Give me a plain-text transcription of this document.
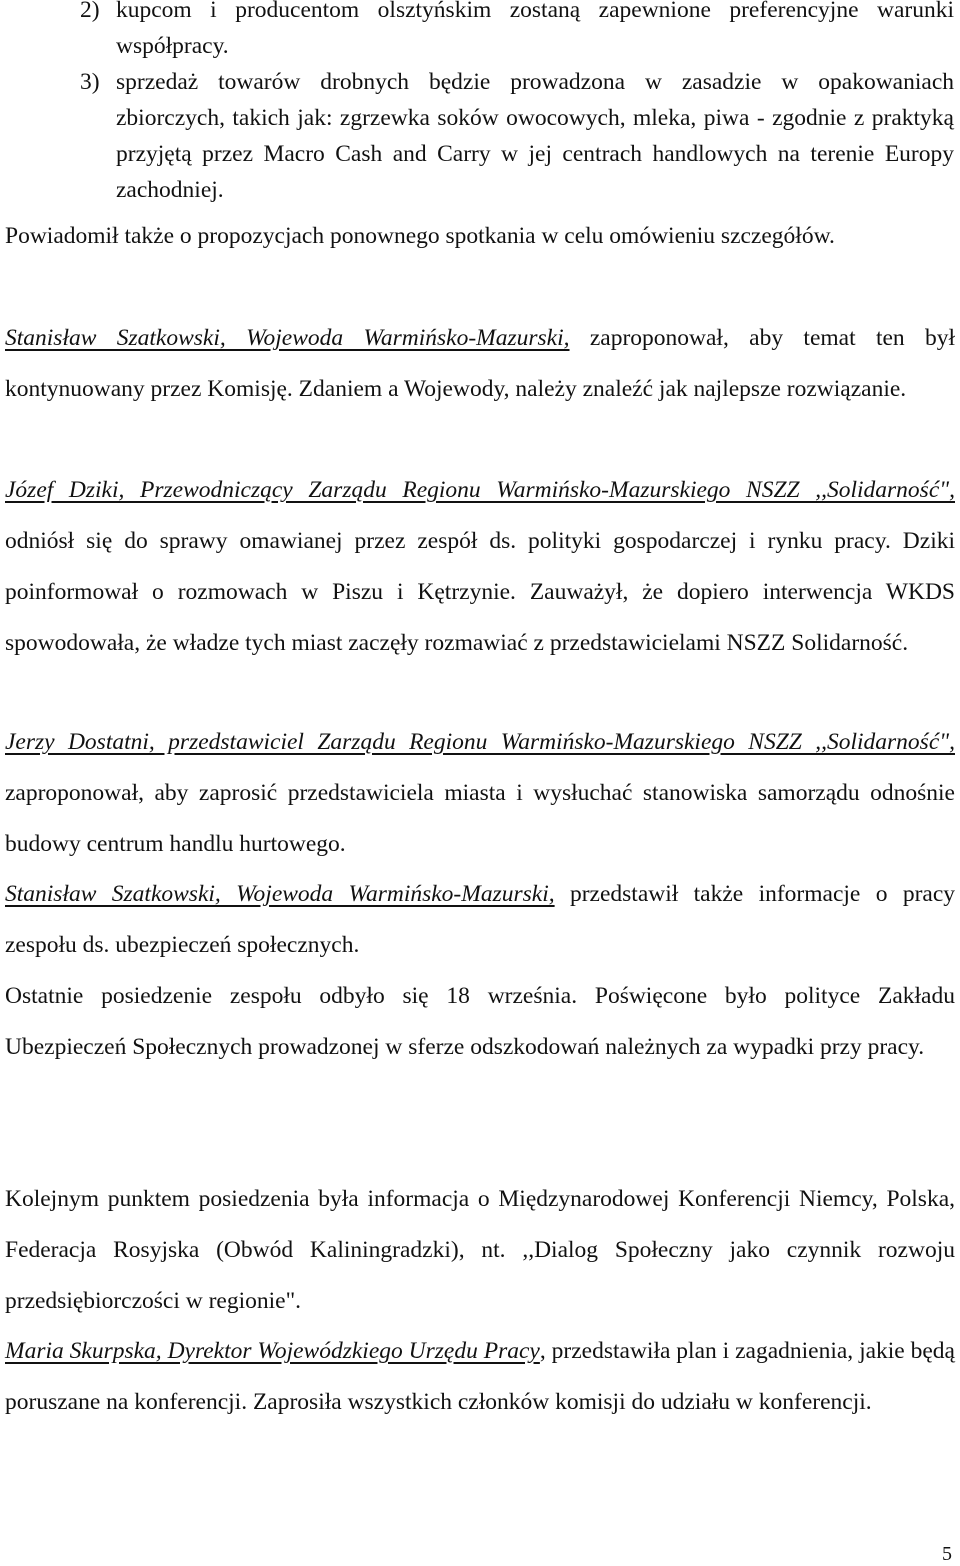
2) kupcom i producentom olsztyńskim zostaną zapewnione preferencyjne warunki współpracy.
3) sprzedaż towarów drobnych będzie prowadzona w zasadzie w opakowaniach zbiorczych, takich jak: zgrzewka soków owocowych, mleka, piwa - zgodnie z praktyką przyjętą przez Macro Cash and Carry w jej centrach handlowych na terenie Europy zachodniej.
Powiadomił także o propozycjach ponownego spotkania w celu omówieniu szczegółów.
Stanisław Szatkowski, Wojewoda Warmińsko-Mazurski, zaproponował, aby temat ten był kontynuowany przez Komisję. Zdaniem a Wojewody, należy znaleźć jak najlepsze rozwiązanie.
Józef Dziki, Przewodniczący Zarządu Regionu Warmińsko-Mazurskiego NSZZ ,,Solidarność", odniósł się do sprawy omawianej przez zespół ds. polityki gospodarczej i rynku pracy. Dziki poinformował o rozmowach w Piszu i Kętrzynie. Zauważył, że dopiero interwencja WKDS spowodowała, że władze tych miast zaczęły rozmawiać z przedstawicielami NSZZ Solidarność.
Jerzy Dostatni, przedstawiciel Zarządu Regionu Warmińsko-Mazurskiego NSZZ ,,Solidarność", zaproponował, aby zaprosić przedstawiciela miasta i wysłuchać stanowiska samorządu odnośnie budowy centrum handlu hurtowego.
Stanisław Szatkowski, Wojewoda Warmińsko-Mazurski, przedstawił także informacje o pracy zespołu ds. ubezpieczeń społecznych.
Ostatnie posiedzenie zespołu odbyło się 18 września. Poświęcone było polityce Zakładu Ubezpieczeń Społecznych prowadzonej w sferze odszkodowań należnych za wypadki przy pracy.
Kolejnym punktem posiedzenia była informacja o Międzynarodowej Konferencji Niemcy, Polska, Federacja Rosyjska (Obwód Kaliningradzki), nt. ,,Dialog Społeczny jako czynnik rozwoju przedsiębiorczości w regionie".
Maria Skurpska, Dyrektor Wojewódzkiego Urzędu Pracy, przedstawiła plan i zagadnienia, jakie będą poruszane na konferencji. Zaprosiła wszystkich członków komisji do udziału w konferencji.
5
